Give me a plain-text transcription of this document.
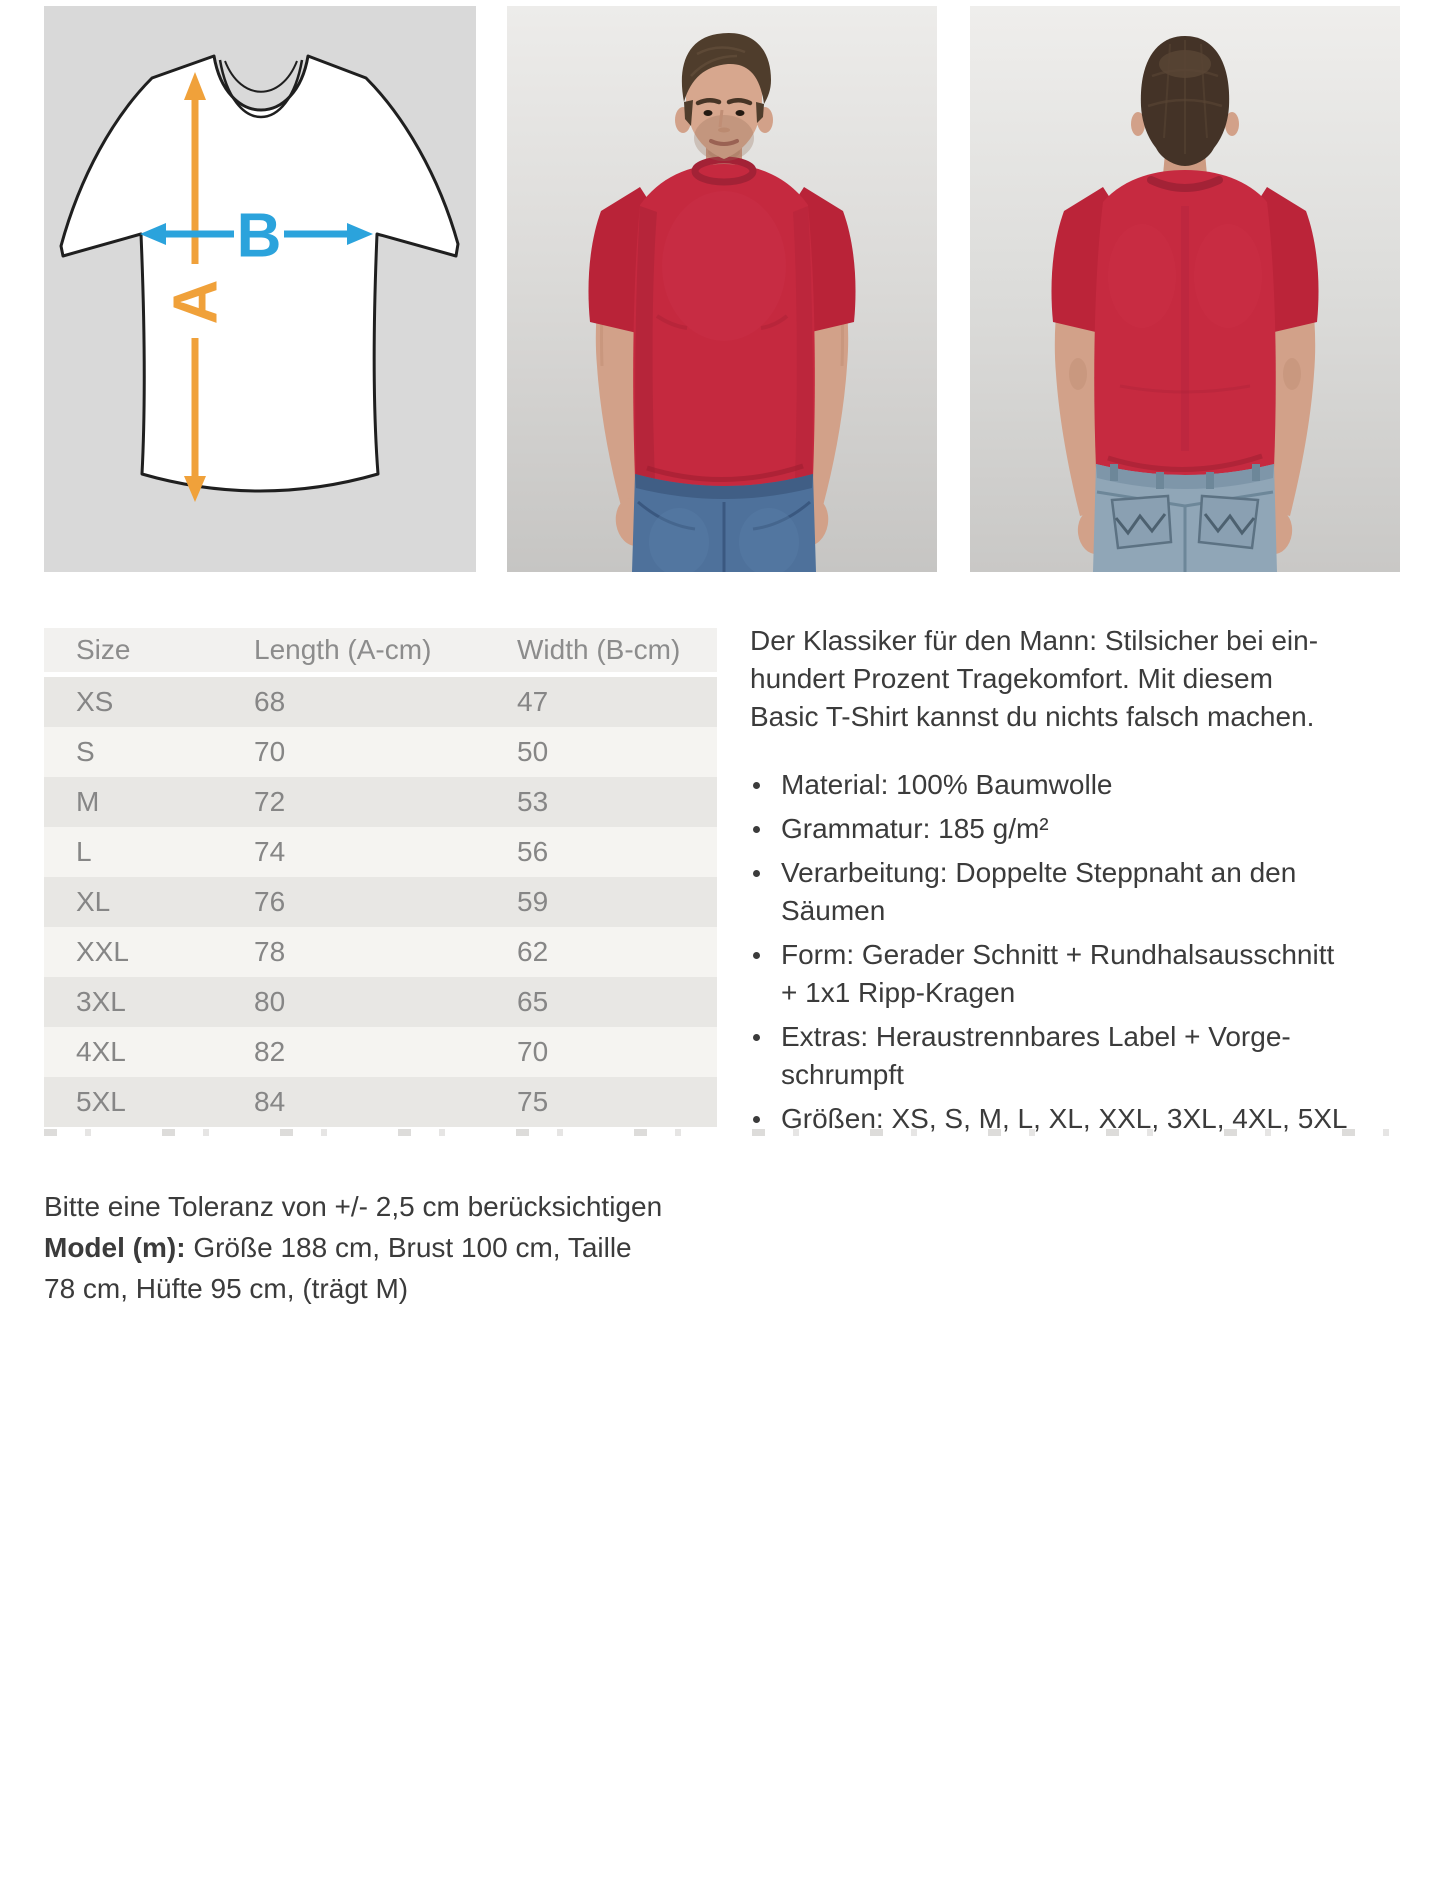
A
B
Size	Length (A-cm)	Width (B-cm)
XS	68	47
S	70	50
M	72	53
L	74	56
XL	76	59
XXL	78	62
3XL	80	65
4XL	82	70
5XL	84	75
Der Klassiker für den Mann: Stilsicher bei ein-
hundert Prozent Tragekomfort. Mit diesem
Basic T-Shirt kannst du nichts falsch machen.
Material: 100% Baumwolle
Grammatur: 185 g/m²
Verarbeitung: Doppelte Steppnaht an den
Säumen
Form: Gerader Schnitt + Rundhalsausschnitt
+ 1x1 Ripp-Kragen
Extras: Heraustrennbares Label + Vorge-
schrumpft
Größen: XS, S, M, L, XL, XXL, 3XL, 4XL, 5XL
Bitte eine Toleranz von +/- 2,5 cm berücksichtigen
Model (m): Größe 188 cm, Brust 100 cm, Taille
78 cm, Hüfte 95 cm, (trägt M)
